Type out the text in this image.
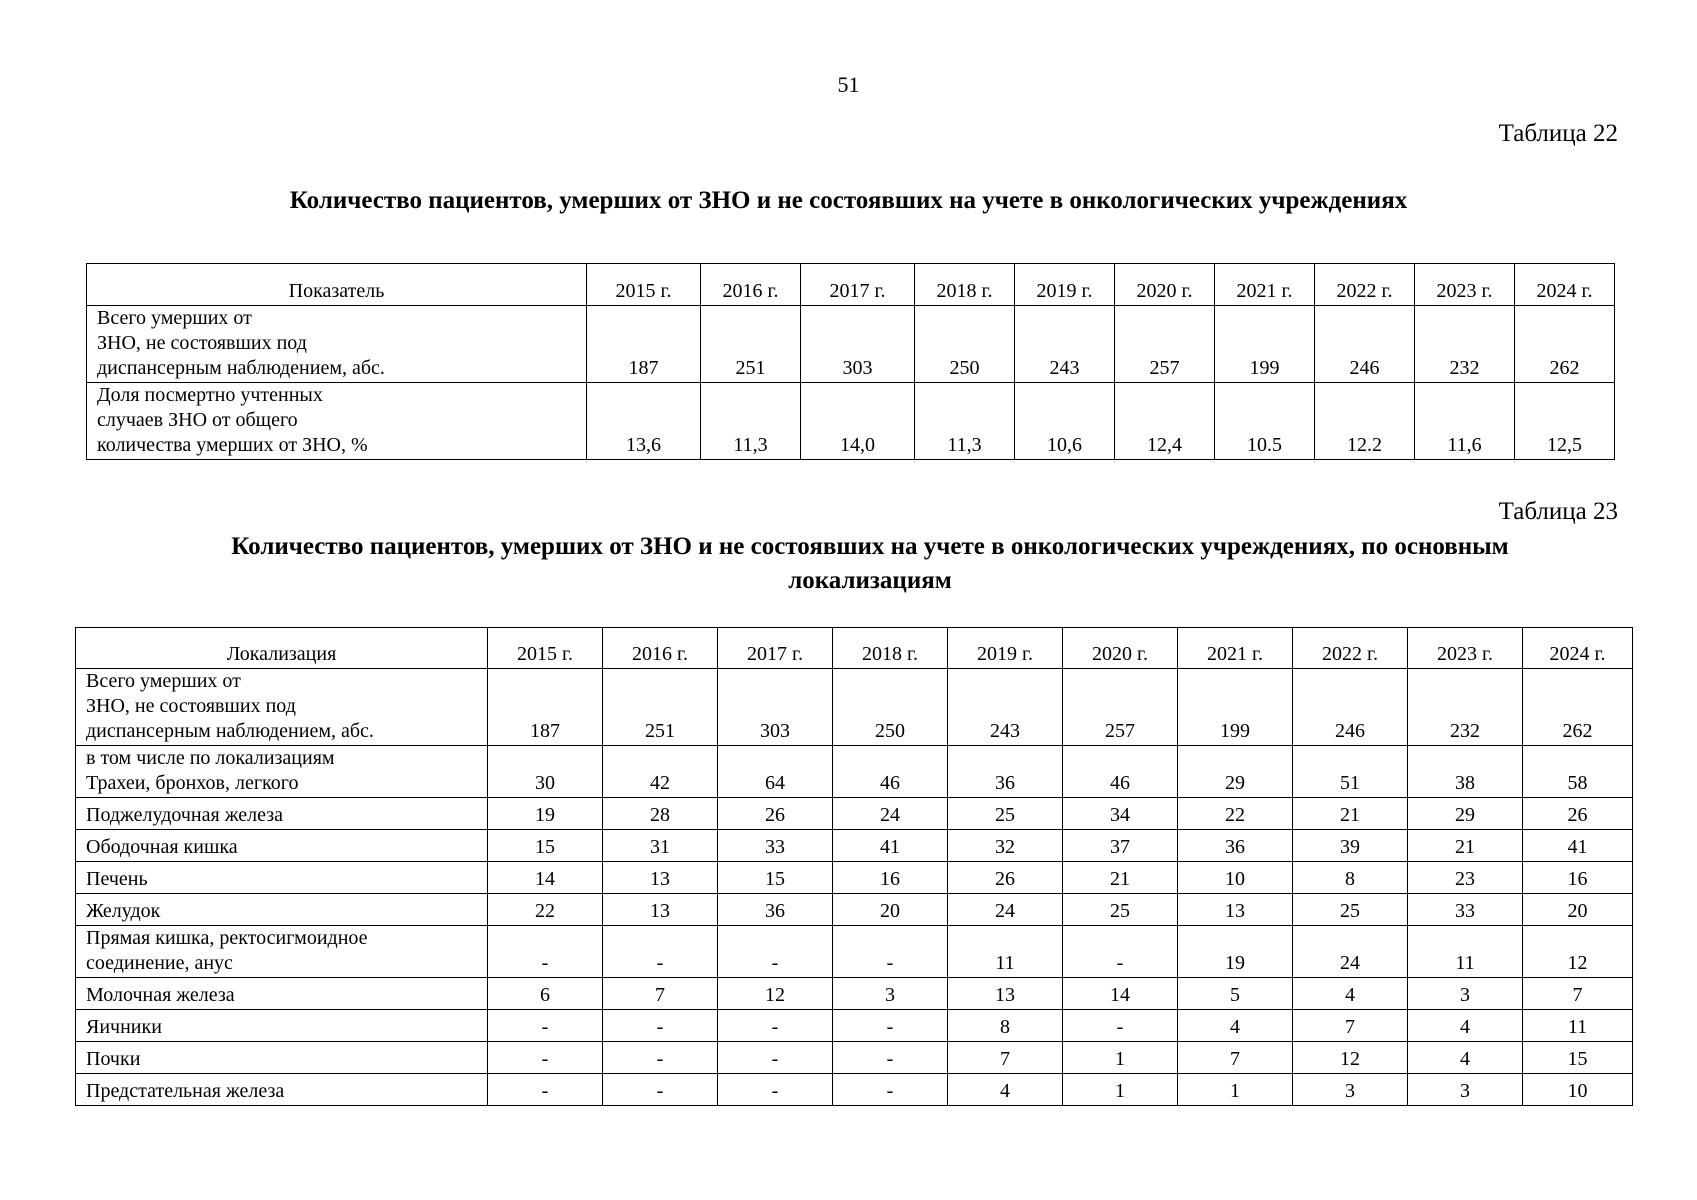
51
Таблица 22
Количество пациентов, умерших от ЗНО и не состоявших на учете в онкологических учреждениях
Показатель	2015 г.	2016 г.	2017 г.	2018 г.	2019 г.	2020 г.	2021 г.	2022 г.	2023 г.	2024 г.

Всего умерших от
ЗНО, не состоявших под
диспансерным наблюдением, абс.	187	251	303	250	243	257	199	246	232	262

Доля посмертно учтенных
случаев ЗНО от общего
количества умерших от ЗНО, %	13,6	11,3	14,0	11,3	10,6	12,4	10.5	12.2	11,6	12,5
Таблица 23
Количество пациентов, умерших от ЗНО и не состоявших на учете в онкологических учреждениях, по основным
локализациям
Локализация	2015 г.	2016 г.	2017 г.	2018 г.	2019 г.	2020 г.	2021 г.	2022 г.	2023 г.	2024 г.

Всего умерших от
ЗНО, не состоявших под
диспансерным наблюдением, абс.	187	251	303	250	243	257	199	246	232	262

в том числе по локализациям
Трахеи, бронхов, легкого	30	42	64	46	36	46	29	51	38	58

Поджелудочная железа	19	28	26	24	25	34	22	21	29	26

Ободочная кишка	15	31	33	41	32	37	36	39	21	41

Печень	14	13	15	16	26	21	10	8	23	16

Желудок	22	13	36	20	24	25	13	25	33	20

Прямая кишка, ректосигмоидное
соединение, анус	-	-	-	-	11	-	19	24	11	12

Молочная железа	6	7	12	3	13	14	5	4	3	7

Яичники	-	-	-	-	8	-	4	7	4	11

Почки	-	-	-	-	7	1	7	12	4	15

Предстательная железа	-	-	-	-	4	1	1	3	3	10
